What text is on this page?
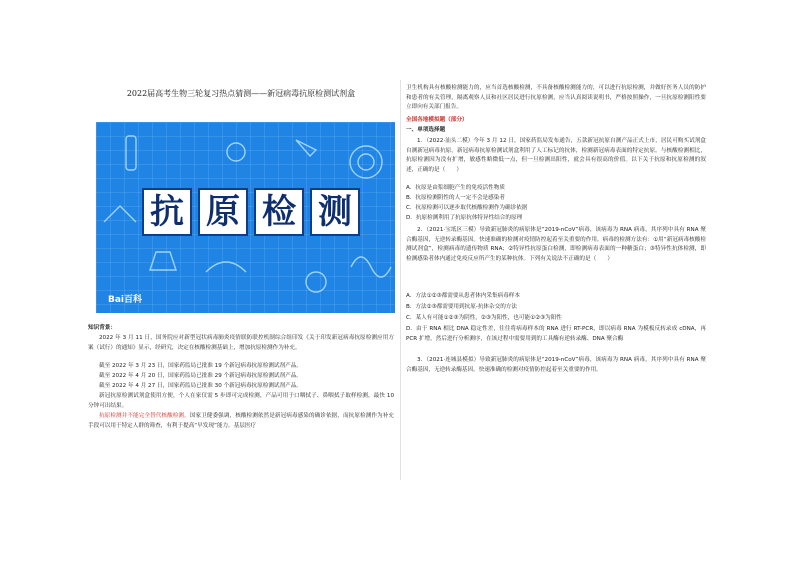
2022届高考生物三轮复习热点猜测——新冠病毒抗原检测试剂盒
抗 原 检 测
Bai百科
知识背景：
2022 年 3 月 11 日，国务院应对新型冠状病毒肺炎疫情联防联控机制综合组印发《关于印发新冠病毒抗原检测应用方案（试行）的通知》显示，经研究，决定在核酸检测基础上，增加抗原检测作为补充。
截至 2022 年 3 月 23 日，国家药监局已批准 19 个新冠病毒抗原检测试剂产品。
截至 2022 年 4 月 20 日，国家药监局已批准 29 个新冠病毒抗原检测试剂产品。
截至 2022 年 4 月 27 日，国家药监局已批准 30 个新冠病毒抗原检测试剂产品。
新冠抗原检测试剂盒使用方便，个人在家仅需 5 步即可完成检测，产品可用于口咽拭子、鼻咽拭子取样检测，最快 10 分钟可出结果。
抗原检测并不能完全替代核酸检测。国家卫健委强调，核酸检测依然是新冠病毒感染的确诊依据，而抗原检测作为补充手段可以用于特定人群的筛查，有利于提高“早发现”能力。基层医疗
卫生机构具有核酸检测能力的，应当首选核酸检测，不具备核酸检测能力的，可以进行抗原检测，并做好医务人员的防护和患者的有关管理，隔离观察人员和社区居民进行抗原检测，应当认真阅读说明书，严格按照操作，一旦抗原检测阳性要立即向有关部门报告。
全国各地模拟题（部分）
一、单项选择题
1．（2022·汕头二模）今年 3 月 12 日，国家药监局发布通告，五款新冠抗原自测产品正式上市，居民可购买试剂盒自测新冠病毒抗原。新冠病毒抗原检测试剂盒利用了人工标记的抗体，检测新冠病毒表面的特定抗原。与核酸检测相比，抗原检测因为没有扩增，敏感性略微低一点，但一旦检测出阳性，就会具有很高的价值。以下关于抗原和抗原检测的叙述，正确的是（　　）
A．抗原是由浆细胞产生的免疫活性物质
B．抗原检测阴性的人一定不会是感染者
C．抗原检测可以逐步取代核酸检测作为确诊依据
D．抗原检测利用了抗原抗体特异性结合的原理
2．（2021·宝坻区三模）导致新冠肺炎的病原体是“2019-nCoV”病毒，该病毒为 RNA 病毒，其序列中具有 RNA 聚合酶基因，无逆转录酶基因。快速准确的检测对疫情防控起着至关重要的作用。病毒的检测方法有：①用“新冠病毒核酸检测试剂盒”，检测病毒的遗传物质 RNA；②特异性抗原蛋白检测，即检测病毒表面的一种糖蛋白；③特异性抗体检测，即检测感染者体内通过免疫反应所产生的某种抗体。下列有关说法不正确的是（　　）
A．方法①②③都需要从患者体内采集病毒样本
B．方法②③都需要用到抗原-抗体杂交的方法
C．某人有可能①②③为阴性，②③为阳性，也可能①②③为阳性
D．由于 RNA 相比 DNA 稳定性差，往往将病毒样本的 RNA 进行 RT-PCR，即以病毒 RNA 为模板反转录成 cDNA，再 PCR 扩增，然后进行分析测序，在该过程中需要用到的工具酶有逆转录酶、DNA 聚合酶
3．（2021·连城县模拟）导致新冠肺炎的病原体是“2019-nCoV”病毒，该病毒为 RNA 病毒，其序列中具有 RNA 聚合酶基因，无逆转录酶基因。快速准确的检测对疫情防控起着至关重要的作用。
